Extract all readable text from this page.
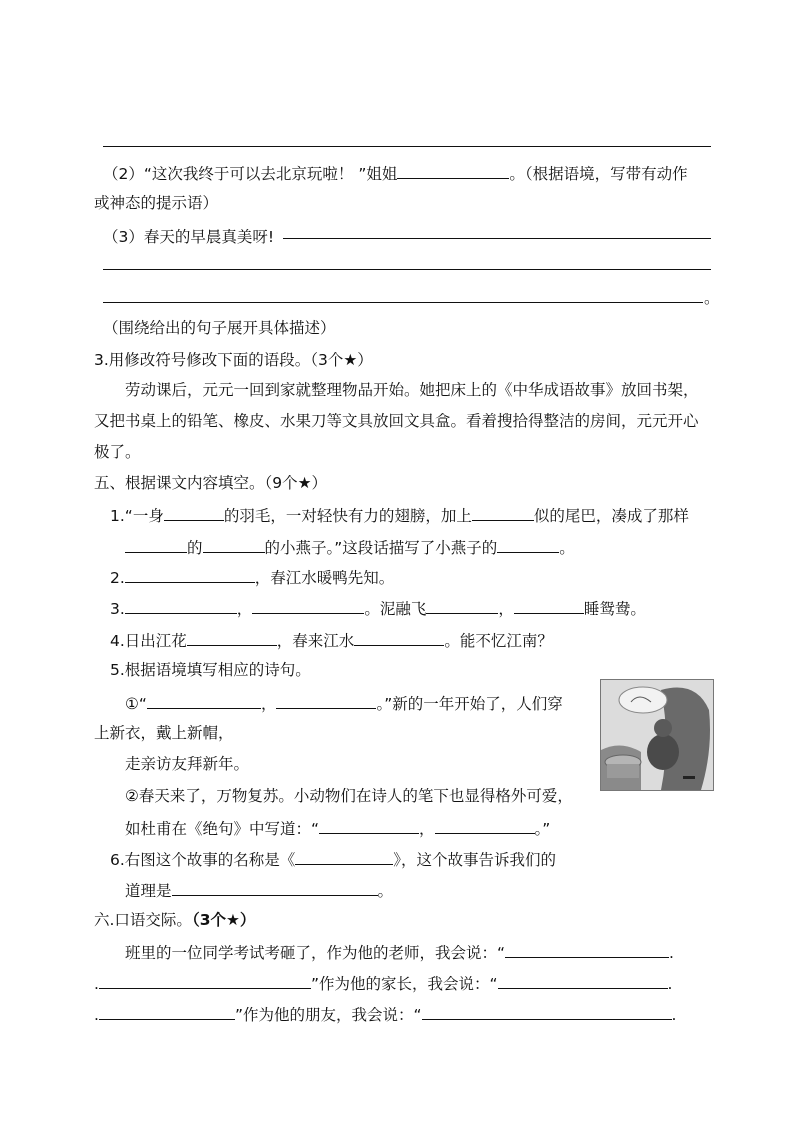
（2）“这次我终于可以去北京玩啦！ ”姐姐	。（根据语境，写带有动作
或神态的提示语）
（3）春天的早晨真美呀!
。
（围绕给出的句子展开具体描述）
3.用修改符号修改下面的语段。（3个★）
劳动课后，元元一回到家就整理物品开始。她把床上的《中华成语故事》放回书架，
又把书桌上的铅笔、橡皮、水果刀等文具放回文具盒。看着搜拾得整洁的房间，元元开心
极了。
五、根据课文内容填空。（9个★）
1.“一身	的羽毛，一对轻快有力的翅膀，加上	似的尾巴，凑成了那样
的	的小燕子。”这段话描写了小燕子的	。
2.	，春江水暖鸭先知。
3.	，	。泥融飞	，	睡鸳鸯。
4.日出江花	，春来江水	。能不忆江南？
5.根据语境填写相应的诗句。
①“	，	。”新的一年开始了，人们穿
上新衣，戴上新帽，
走亲访友拜新年。
②春天来了，万物复苏。小动物们在诗人的笔下也显得格外可爱，
如杜甫在《绝句》中写道：“	，	。”
6.右图这个故事的名称是《	》，这个故事告诉我们的
道理是	。
六.口语交际。（3个★）
班里的一位同学考试考砸了，作为他的老师，我会说：“	.
.	”作为他的家长，我会说：“	.
.	”作为他的朋友，我会说：“	.
